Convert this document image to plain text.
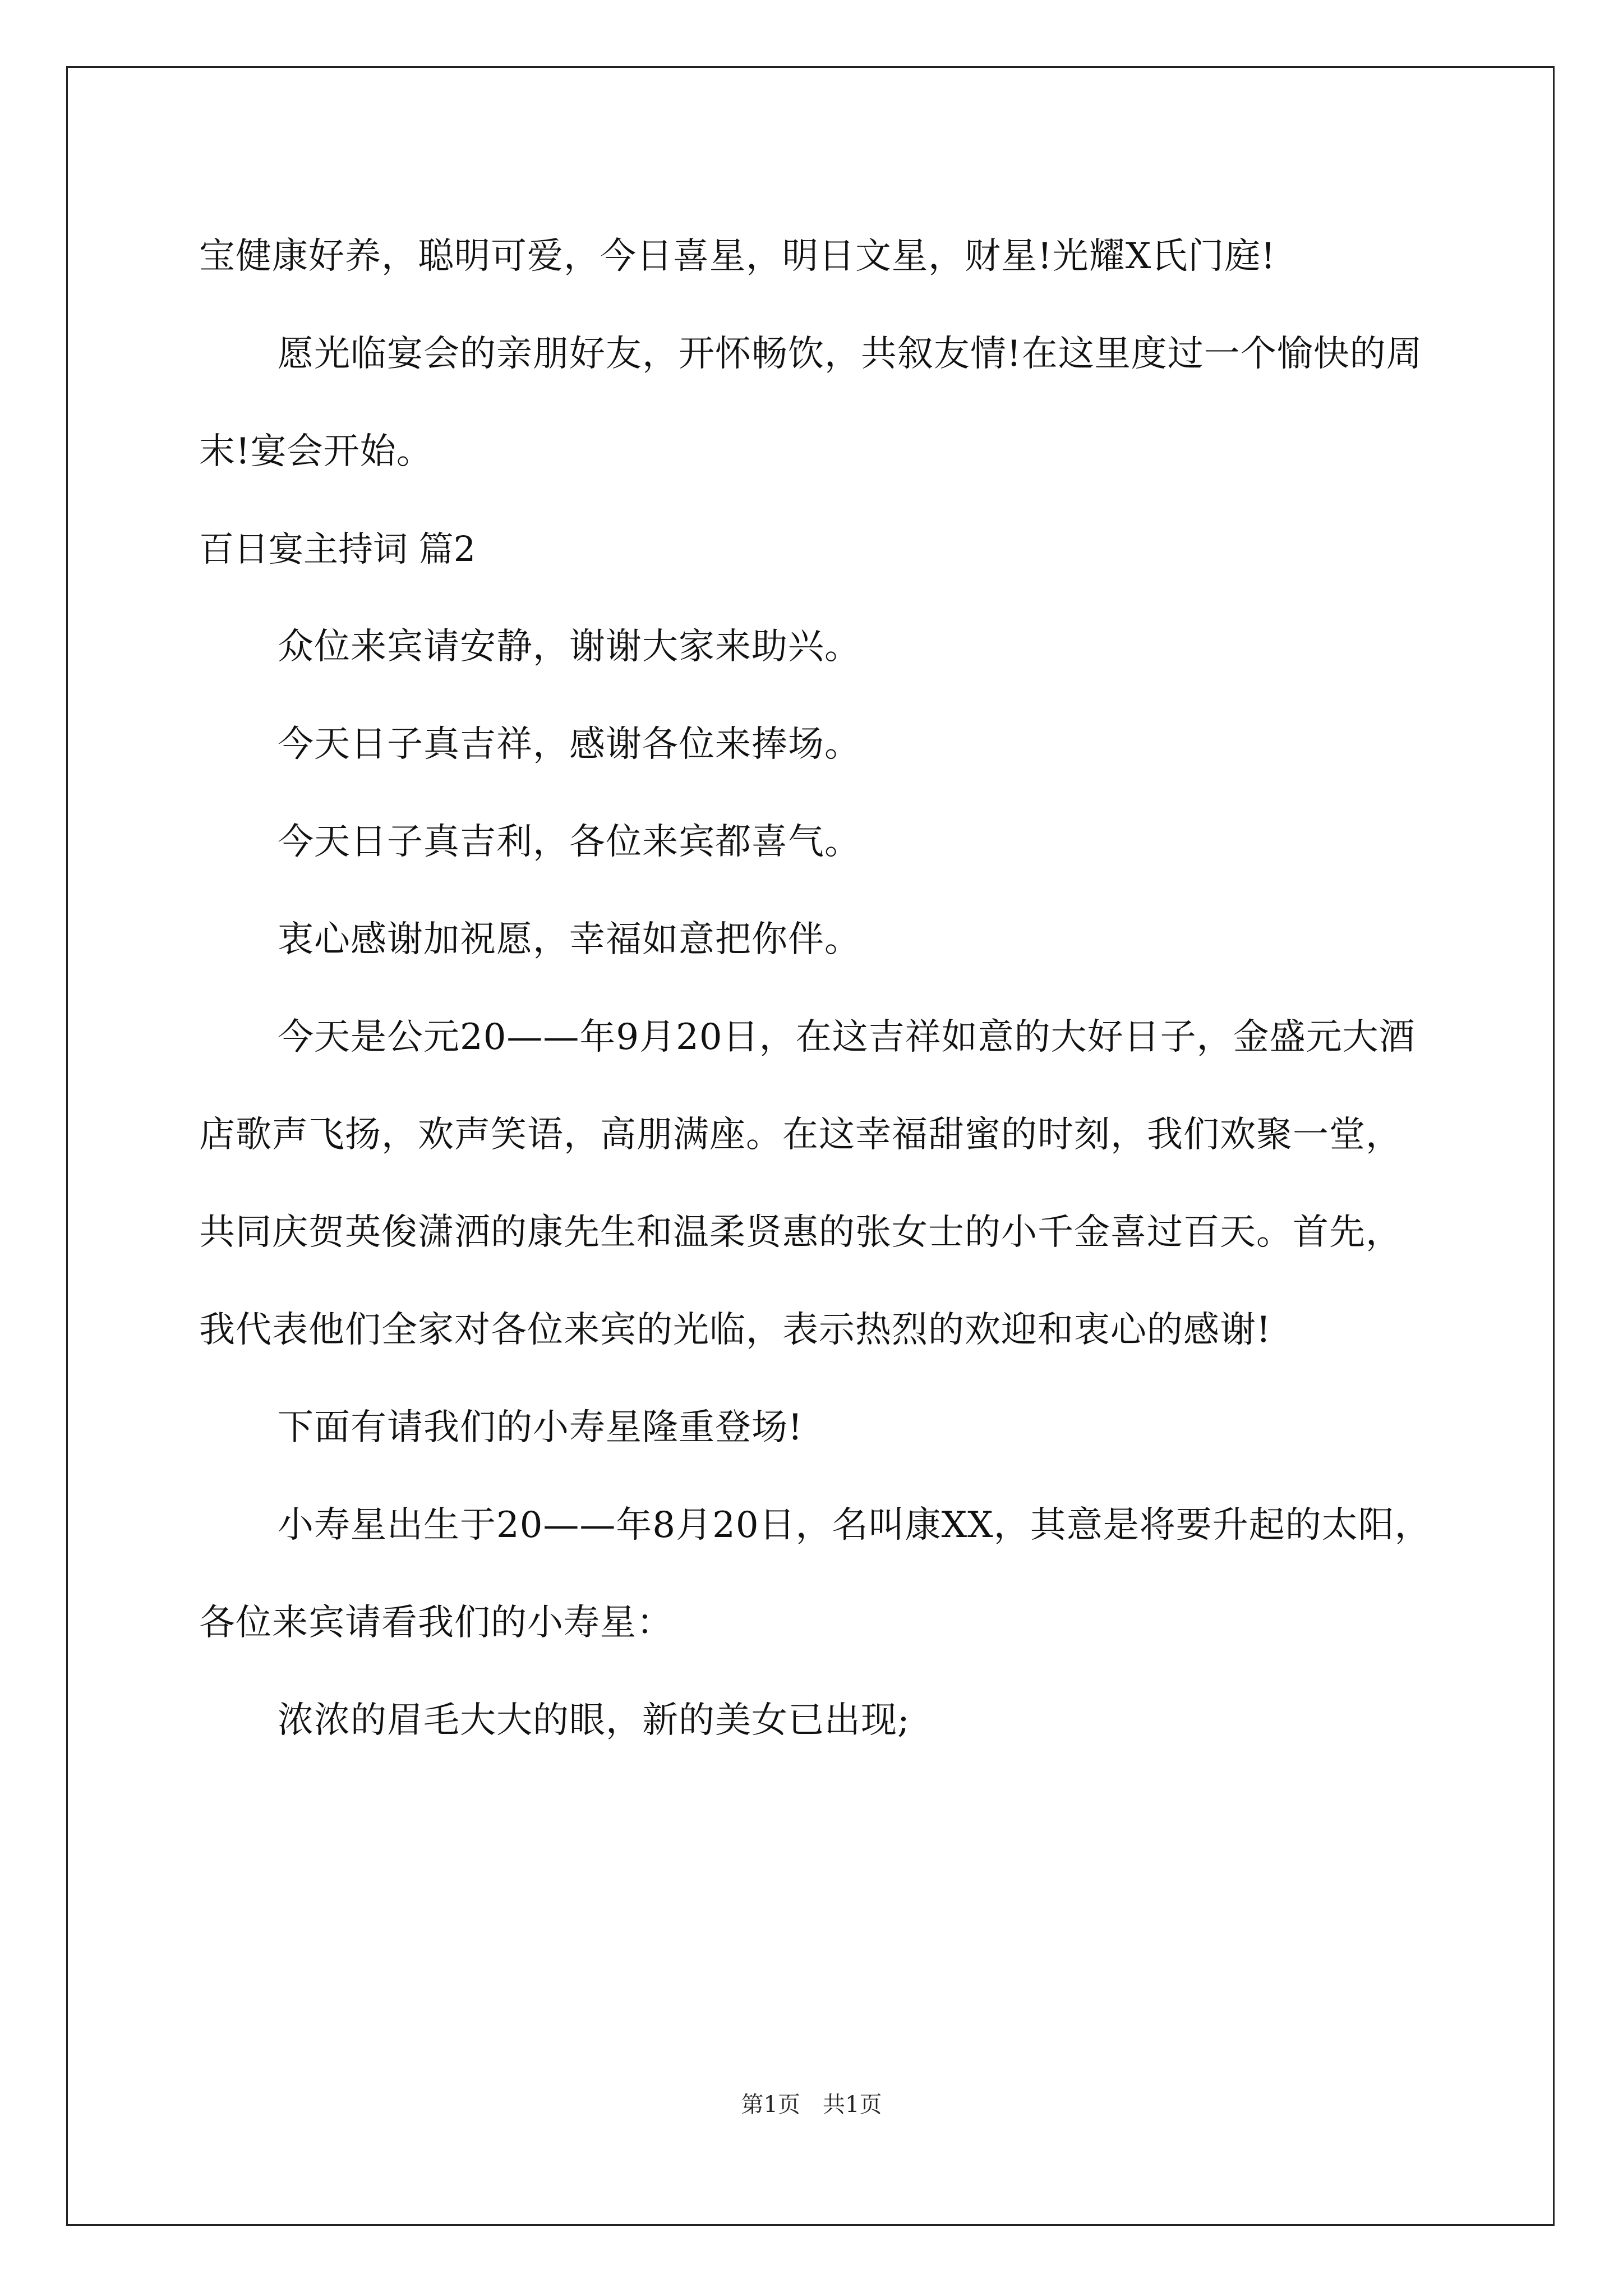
宝健康好养，聪明可爱，今日喜星，明日文星，财星!光耀X氏门庭!

愿光临宴会的亲朋好友，开怀畅饮，共叙友情!在这里度过一个愉快的周末!宴会开始。

百日宴主持词 篇2

众位来宾请安静，谢谢大家来助兴。

今天日子真吉祥，感谢各位来捧场。

今天日子真吉利，各位来宾都喜气。

衷心感谢加祝愿，幸福如意把你伴。

今天是公元20——年9月20日，在这吉祥如意的大好日子，金盛元大酒店歌声飞扬，欢声笑语，高朋满座。在这幸福甜蜜的时刻，我们欢聚一堂，共同庆贺英俊潇洒的康先生和温柔贤惠的张女士的小千金喜过百天。首先，我代表他们全家对各位来宾的光临，表示热烈的欢迎和衷心的感谢!

下面有请我们的小寿星隆重登场!

小寿星出生于20——年8月20日，名叫康XX，其意是将要升起的太阳，各位来宾请看我们的小寿星：

浓浓的眉毛大大的眼，新的美女已出现;

第1页 共1页
